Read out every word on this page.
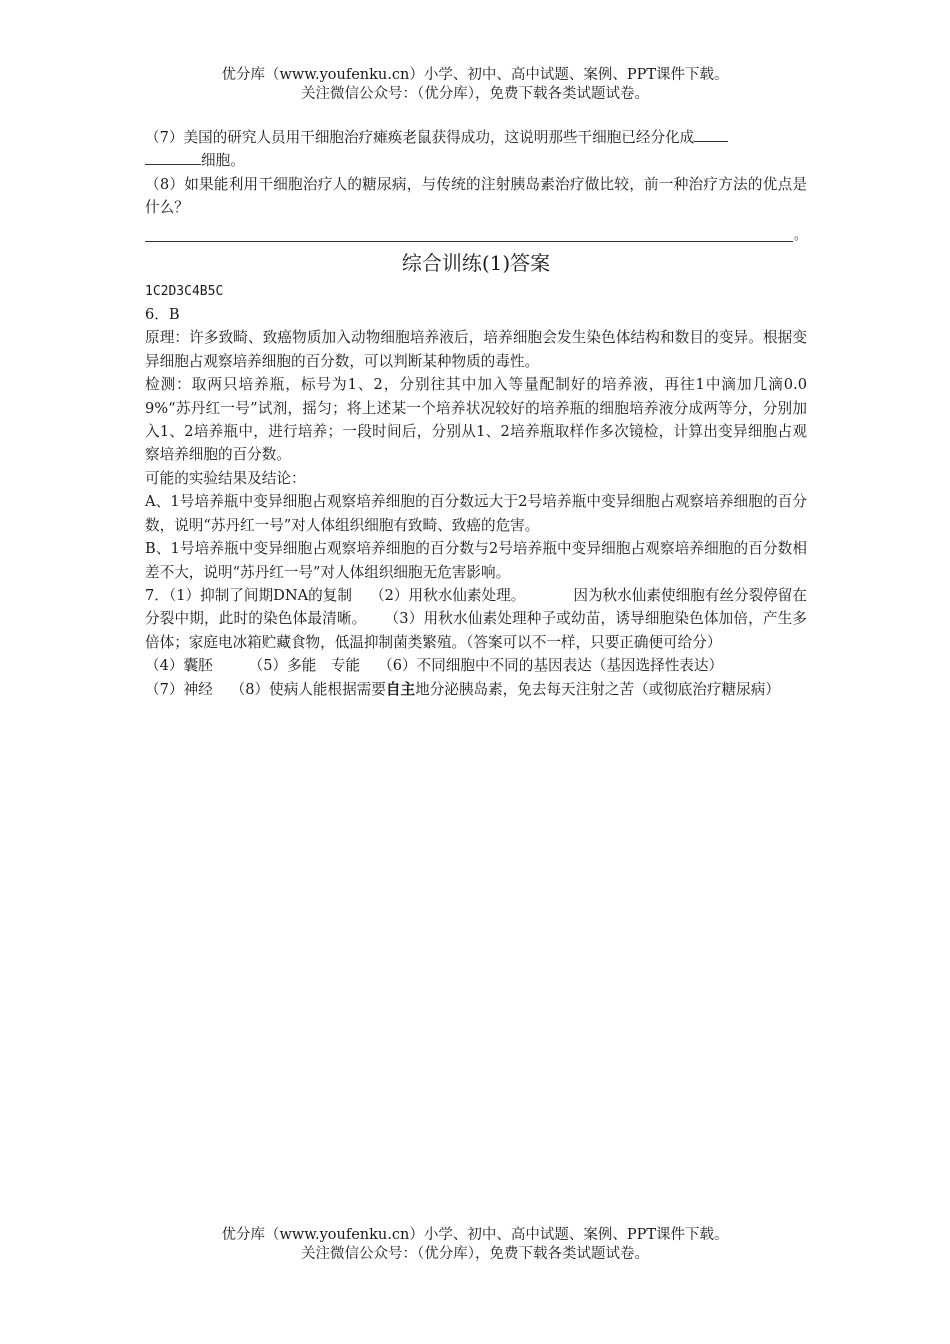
优分库（www.youfenku.cn）小学、初中、高中试题、案例、PPT课件下载。
关注微信公众号：（优分库），免费下载各类试题试卷。

（7）美国的研究人员用干细胞治疗瘫痪老鼠获得成功，这说明那些干细胞已经分化成
细胞。

（8）如果能利用干细胞治疗人的糖尿病，与传统的注射胰岛素治疗做比较，前一种治疗方法的优点是什么？

。
综合训练(1)答案

1C2D3C4B5C

6．B

原理：许多致畸、致癌物质加入动物细胞培养液后，培养细胞会发生染色体结构和数目的变异。根据变异细胞占观察培养细胞的百分数，可以判断某种物质的毒性。

检测：取两只培养瓶，标号为1、2，分别往其中加入等量配制好的培养液，再往1中滴加几滴0.09%“苏丹红一号”试剂，摇匀；将上述某一个培养状况较好的培养瓶的细胞培养液分成两等分，分别加入1、2培养瓶中，进行培养；一段时间后，分别从1、2培养瓶取样作多次镜检，计算出变异细胞占观察培养细胞的百分数。

可能的实验结果及结论：

A、1号培养瓶中变异细胞占观察培养细胞的百分数远大于2号培养瓶中变异细胞占观察培养细胞的百分数，说明“苏丹红一号”对人体组织细胞有致畸、致癌的危害。

B、1号培养瓶中变异细胞占观察培养细胞的百分数与2号培养瓶中变异细胞占观察培养细胞的百分数相差不大，说明“苏丹红一号”对人体组织细胞无危害影响。

7．（1）抑制了间期DNA的复制 （2）用秋水仙素处理。	因为秋水仙素使细胞有丝分裂停留在分裂中期，此时的染色体最清晰。 （3）用秋水仙素处理种子或幼苗，诱导细胞染色体加倍，产生多倍体；家庭电冰箱贮藏食物，低温抑制菌类繁殖。（答案可以不一样，只要正确便可给分）

（4）囊胚 （5）多能　专能 （6）不同细胞中不同的基因表达（基因选择性表达）

（7）神经 （8）使病人能根据需要自主地分泌胰岛素，免去每天注射之苦（或彻底治疗糖尿病）

优分库（www.youfenku.cn）小学、初中、高中试题、案例、PPT课件下载。
关注微信公众号：（优分库），免费下载各类试题试卷。
